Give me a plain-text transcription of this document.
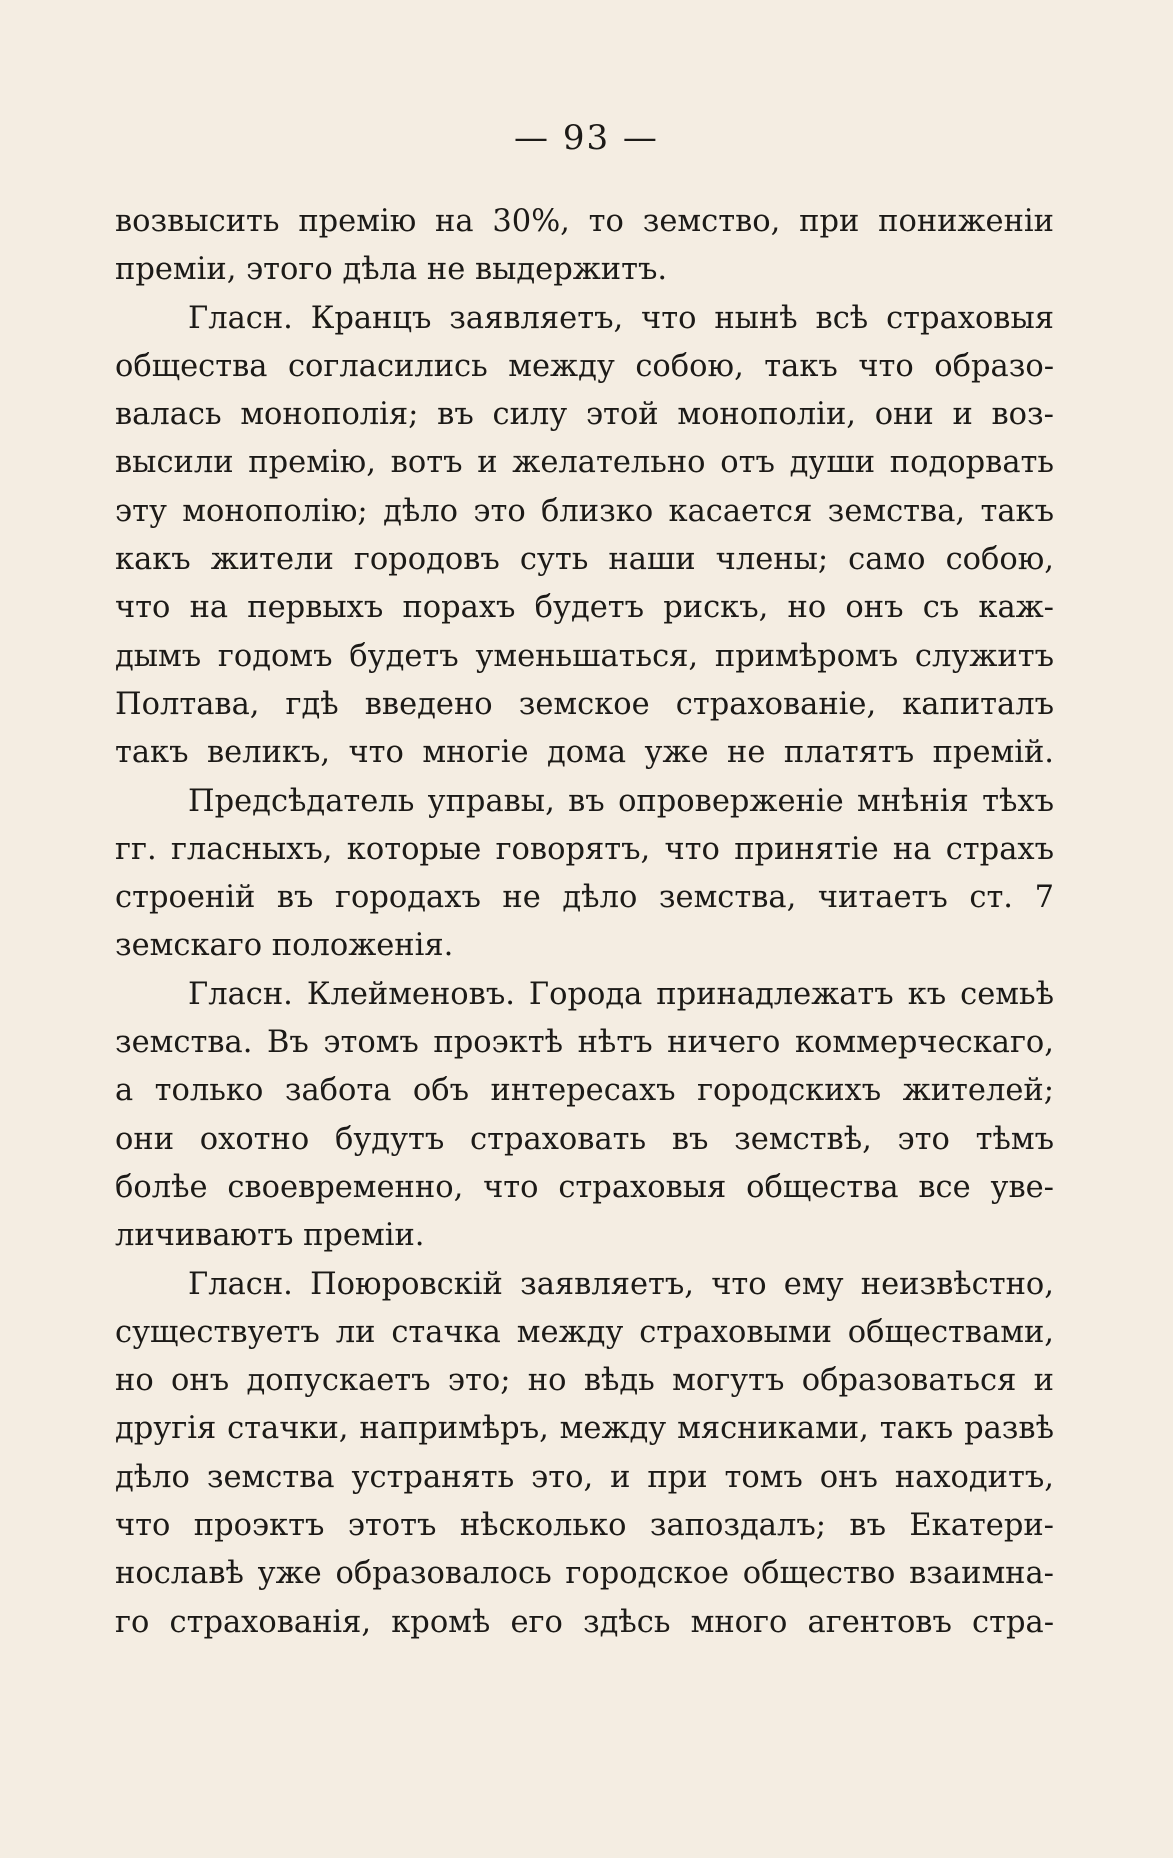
— 93 —
возвысить премію на 30%, то земство, при пониженіи
преміи, этого дѣла не выдержитъ.
Гласн. Кранцъ заявляетъ, что нынѣ всѣ страховыя
общества согласились между собою, такъ что образо-
валась монополія; въ силу этой монополіи, они и воз-
высили премію, вотъ и желательно отъ души подорвать
эту монополію; дѣло это близко касается земства, такъ
какъ жители городовъ суть наши члены; само собою,
что на первыхъ порахъ будетъ рискъ, но онъ съ каж-
дымъ годомъ будетъ уменьшаться, примѣромъ служитъ
Полтава, гдѣ введено земское страхованіе, капиталъ
такъ великъ, что многіе дома уже не платятъ премій.
Предсѣдатель управы, въ опроверженіе мнѣнія тѣхъ
гг. гласныхъ, которые говорятъ, что принятіе на страхъ
строеній въ городахъ не дѣло земства, читаетъ ст. 7
земскаго положенія.
Гласн. Клейменовъ. Города принадлежатъ къ семьѣ
земства. Въ этомъ проэктѣ нѣтъ ничего коммерческаго,
а только забота объ интересахъ городскихъ жителей;
они охотно будутъ страховать въ земствѣ, это тѣмъ
болѣе своевременно, что страховыя общества все уве-
личиваютъ преміи.
Гласн. Поюровскій заявляетъ, что ему неизвѣстно,
существуетъ ли стачка между страховыми обществами,
но онъ допускаетъ это; но вѣдь могутъ образоваться и
другія стачки, напримѣръ, между мясниками, такъ развѣ
дѣло земства устранять это, и при томъ онъ находитъ,
что проэктъ этотъ нѣсколько запоздалъ; въ Екатери-
нославѣ уже образовалось городское общество взаимна-
го страхованія, кромѣ его здѣсь много агентовъ стра-
